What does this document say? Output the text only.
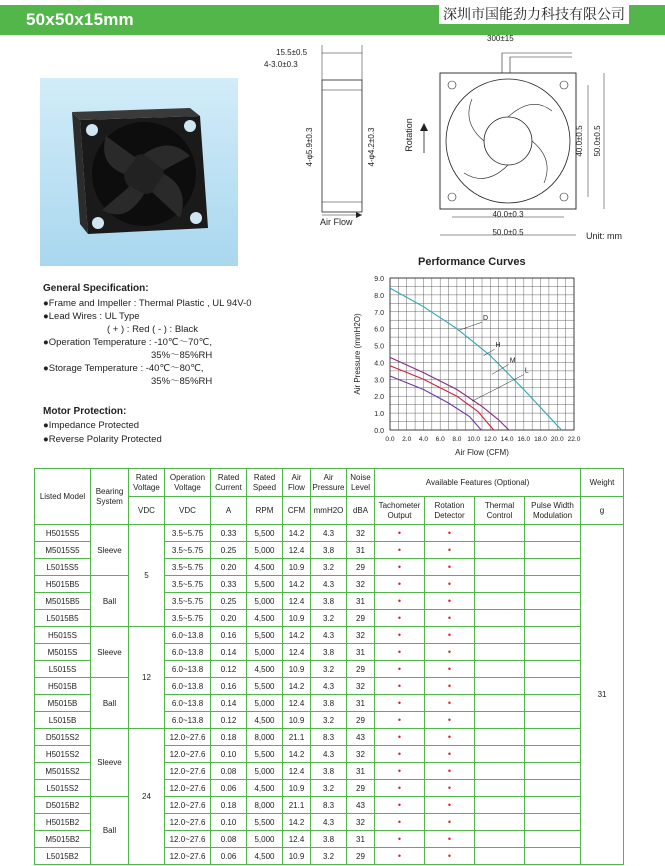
50x50x15mm	深圳市国能劲力科技有限公司
15.5±0.5
4-3.0±0.3
4-φ5.9±0.3	4-φ4.2±0.3
Air Flow
300±15
Rotation	40.0±0.5 50.0±0.5
40.0±0.3
50.0±0.5	Unit: mm
General Specification:
●Frame and Impeller : Thermal Plastic , UL 94V-0
●Lead Wires : UL Type
( + ) : Red ( - ) : Black
●Operation Temperature : -10℃～70℃,
35%～85%RH
●Storage Temperature : -40℃～80℃,
35%～85%RH
Motor Protection:
●Impedance Protected
●Reverse Polarity Protected
Performance Curves
0.0
1.0
2.0
3.0
4.0
5.0
6.0
7.0
8.0
9.0
0.0 2.0 4.0 6.0 8.0 10.0 12.0 14.0 16.0 18.0 20.0 22.0
Air Flow (CFM)
Air Pressure (mmH2O)	D
H
M
L
Listed Model	Bearing System	Rated Voltage	Operation Voltage	Rated Current	Rated Speed	Air Flow	Air Pressure	Noise Level	Available Features (Optional)				Weight
		VDC	VDC	A	RPM	CFM	mmH2O	dBA	Tachometer Output	Rotation Detector	Thermal Control	Pulse Width Modulation	g
H5015S5	Sleeve	5	3.5~5.75	0.33	5,500	14.2	4.3	32	•	•			31
M5015S5			3.5~5.75	0.25	5,000	12.4	3.8	31	•	•			
L5015S5			3.5~5.75	0.20	4,500	10.9	3.2	29	•	•			
H5015B5	Ball		3.5~5.75	0.33	5,500	14.2	4.3	32	•	•			
M5015B5			3.5~5.75	0.25	5,000	12.4	3.8	31	•	•			
L5015B5			3.5~5.75	0.20	4,500	10.9	3.2	29	•	•			
H5015S	Sleeve	12	6.0~13.8	0.16	5,500	14.2	4.3	32	•	•			
M5015S			6.0~13.8	0.14	5,000	12.4	3.8	31	•	•			
L5015S			6.0~13.8	0.12	4,500	10.9	3.2	29	•	•			
H5015B	Ball		6.0~13.8	0.16	5,500	14.2	4.3	32	•	•			
M5015B			6.0~13.8	0.14	5,000	12.4	3.8	31	•	•			
L5015B			6.0~13.8	0.12	4,500	10.9	3.2	29	•	•			
D5015S2	Sleeve	24	12.0~27.6	0.18	8,000	21.1	8.3	43	•	•			
H5015S2			12.0~27.6	0.10	5,500	14.2	4.3	32	•	•			
M5015S2			12.0~27.6	0.08	5,000	12.4	3.8	31	•	•			
L5015S2			12.0~27.6	0.06	4,500	10.9	3.2	29	•	•			
D5015B2	Ball		12.0~27.6	0.18	8,000	21.1	8.3	43	•	•			
H5015B2			12.0~27.6	0.10	5,500	14.2	4.3	32	•	•			
M5015B2			12.0~27.6	0.08	5,000	12.4	3.8	31	•	•			
L5015B2			12.0~27.6	0.06	4,500	10.9	3.2	29	•	•			
